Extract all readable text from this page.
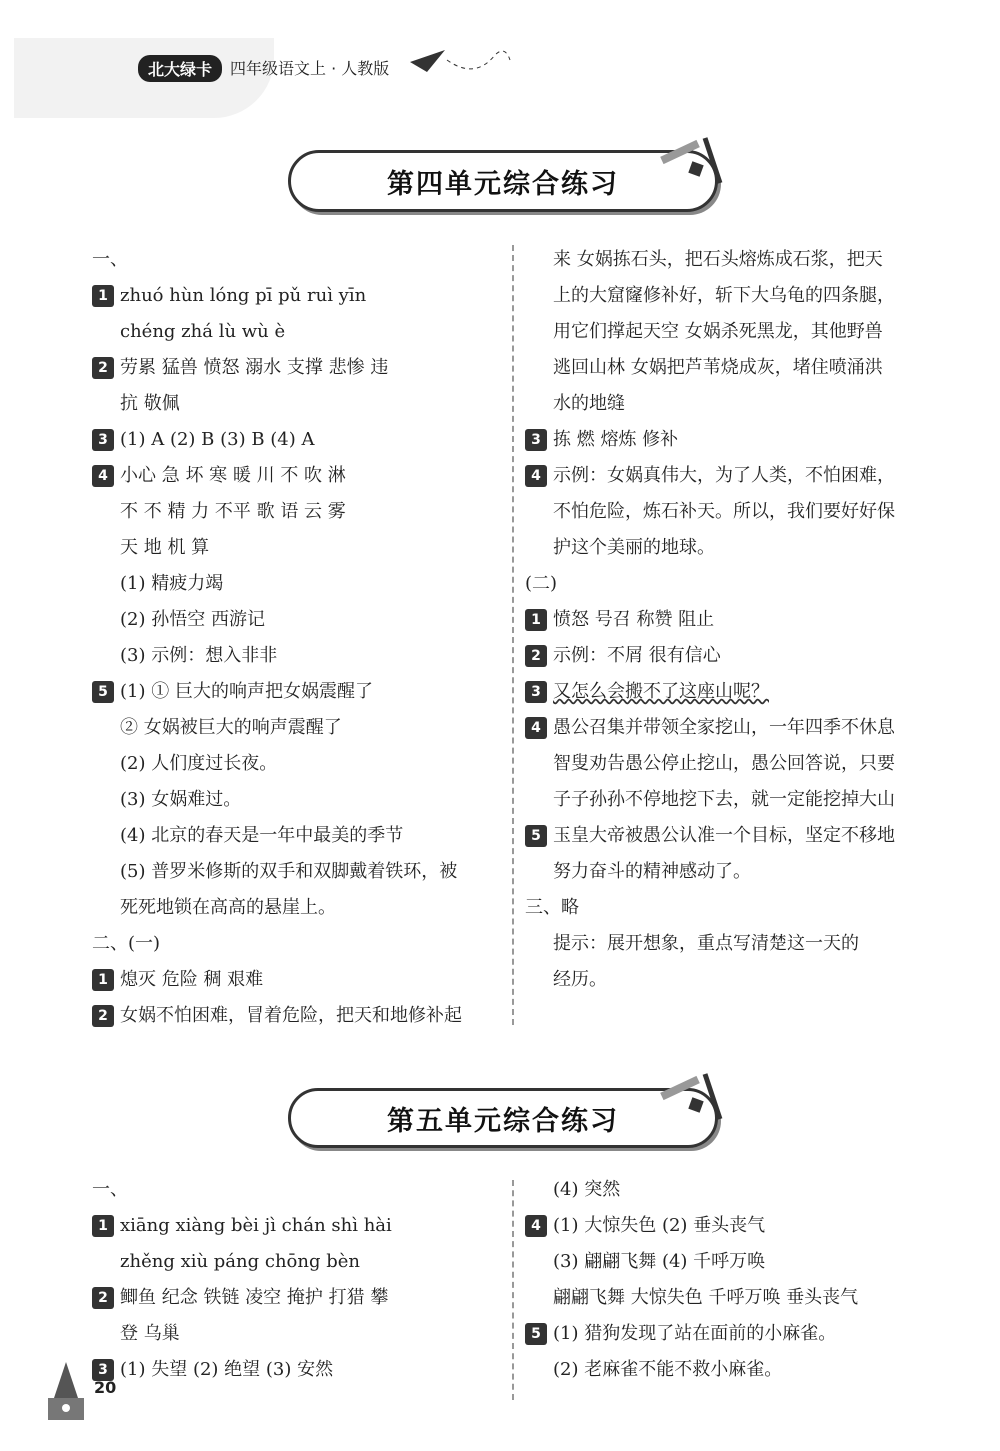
北大绿卡	四年级语文上 · 人教版
第四单元综合练习
一、
1 zhuó hùn lóng pī pǔ ruì yīn
chéng zhá lù wù è
2 劳累 猛兽 愤怒 溺水 支撑 悲惨 违
抗 敬佩
3 (1) A (2) B (3) B (4) A
4 小心 急 坏 寒 暖 川 不 吹 淋
不 不 精 力 不平 歌 语 云 雾
天 地 机 算
(1) 精疲力竭
(2) 孙悟空 西游记
(3) 示例：想入非非
5 (1) ① 巨大的响声把女娲震醒了
② 女娲被巨大的响声震醒了
(2) 人们度过长夜。
(3) 女娲难过。
(4) 北京的春天是一年中最美的季节
(5) 普罗米修斯的双手和双脚戴着铁环，被
死死地锁在高高的悬崖上。
二、(一)
1 熄灭 危险 稠 艰难
2 女娲不怕困难，冒着危险，把天和地修补起
来 女娲拣石头，把石头熔炼成石浆，把天
上的大窟窿修补好，斩下大乌龟的四条腿，
用它们撑起天空 女娲杀死黑龙，其他野兽
逃回山林 女娲把芦苇烧成灰，堵住喷涌洪
水的地缝
3 拣 燃 熔炼 修补
4 示例：女娲真伟大，为了人类，不怕困难，
不怕危险，炼石补天。所以，我们要好好保
护这个美丽的地球。
(二)
1 愤怒 号召 称赞 阻止
2 示例：不屑 很有信心
3 又怎么会搬不了这座山呢？
4 愚公召集并带领全家挖山，一年四季不休息
智叟劝告愚公停止挖山，愚公回答说，只要
子子孙孙不停地挖下去，就一定能挖掉大山
5 玉皇大帝被愚公认准一个目标，坚定不移地
努力奋斗的精神感动了。
三、略
提示：展开想象，重点写清楚这一天的
经历。
第五单元综合练习
一、
1 xiāng xiàng bèi jì chán shì hài
zhěng xiù páng chōng bèn
2 鲫鱼 纪念 铁链 凌空 掩护 打猎 攀
登 乌巢
3 (1) 失望 (2) 绝望 (3) 安然
(4) 突然
4 (1) 大惊失色 (2) 垂头丧气
(3) 翩翩飞舞 (4) 千呼万唤
翩翩飞舞 大惊失色 千呼万唤 垂头丧气
5 (1) 猎狗发现了站在面前的小麻雀。
(2) 老麻雀不能不救小麻雀。
20
